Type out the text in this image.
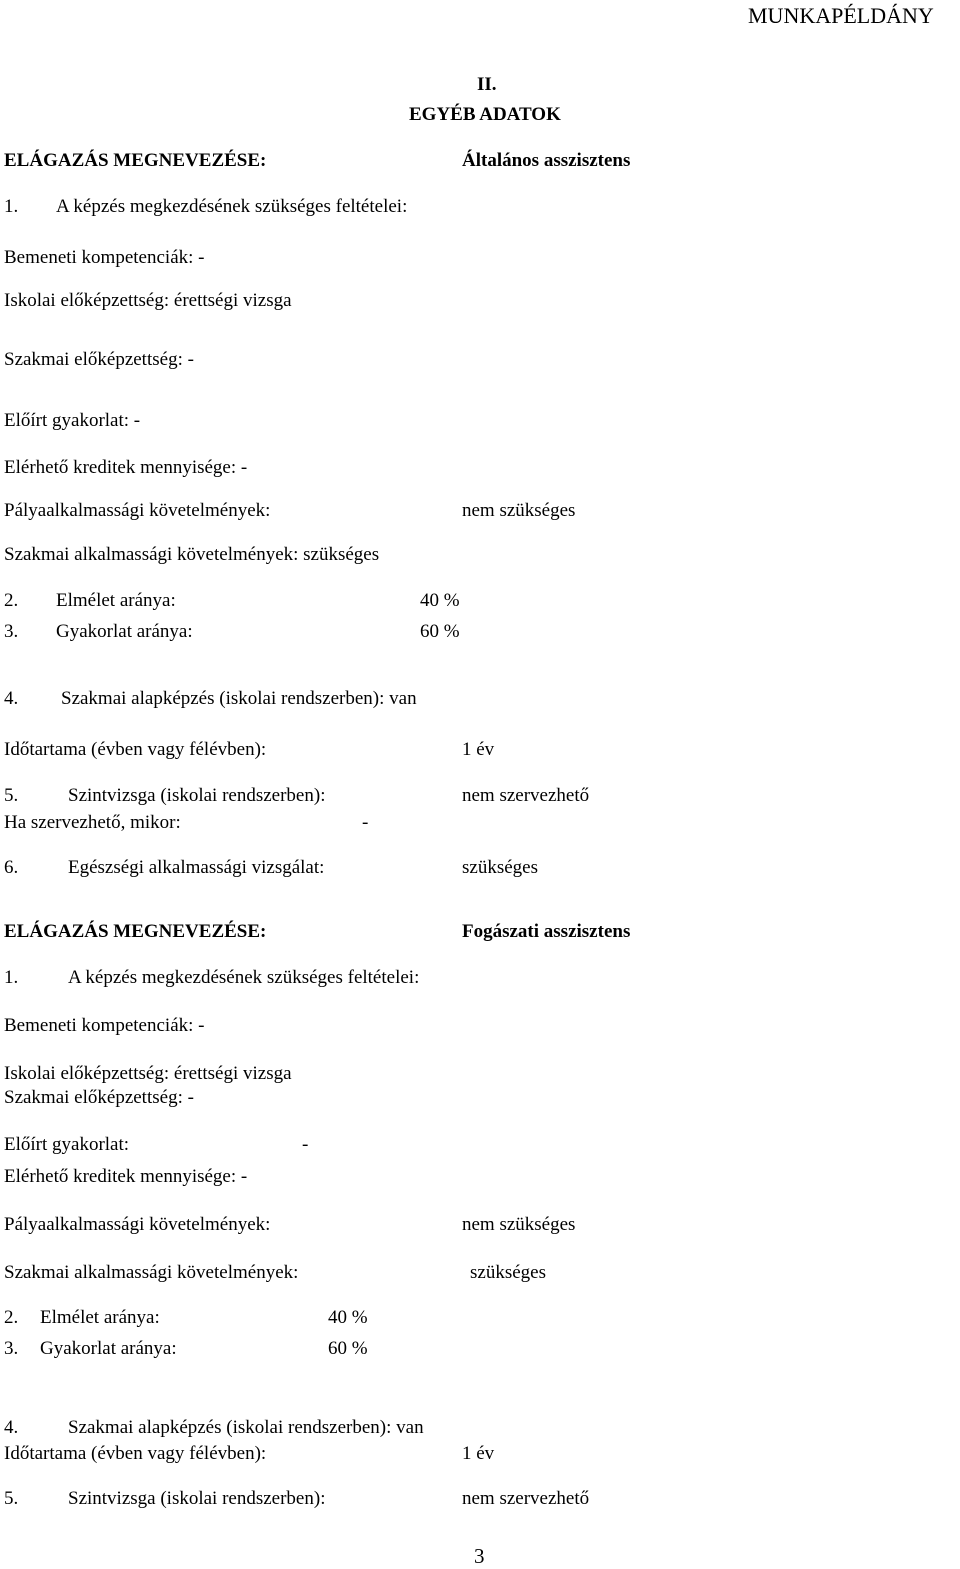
MUNKAPÉLDÁNY
II.
EGYÉB ADATOK
ELÁGAZÁS MEGNEVEZÉSE:	Általános asszisztens
1. A képzés megkezdésének szükséges feltételei:
Bemeneti kompetenciák: -
Iskolai előképzettség: érettségi vizsga
Szakmai előképzettség: -
Előírt gyakorlat: -
Elérhető kreditek mennyisége: -
Pályaalkalmassági követelmények:	nem szükséges
Szakmai alkalmassági követelmények: szükséges
2. Elmélet aránya:	40 %
3. Gyakorlat aránya:	60 %
4. Szakmai alapképzés (iskolai rendszerben): van
Időtartama (évben vagy félévben):	1 év
5.	Szintvizsga (iskolai rendszerben):	nem szervezhető
Ha szervezhető, mikor:	-
6.	Egészségi alkalmassági vizsgálat:	szükséges
ELÁGAZÁS MEGNEVEZÉSE:	Fogászati asszisztens
1.	A képzés megkezdésének szükséges feltételei:
Bemeneti kompetenciák: -
Iskolai előképzettség: érettségi vizsga
Szakmai előképzettség: -
Előírt gyakorlat:	-
Elérhető kreditek mennyisége: -
Pályaalkalmassági követelmények:	nem szükséges
Szakmai alkalmassági követelmények:	szükséges
2. Elmélet aránya:	40 %
3. Gyakorlat aránya:	60 %
4.	Szakmai alapképzés (iskolai rendszerben): van
Időtartama (évben vagy félévben):	1 év
5.	Szintvizsga (iskolai rendszerben):	nem szervezhető
3
